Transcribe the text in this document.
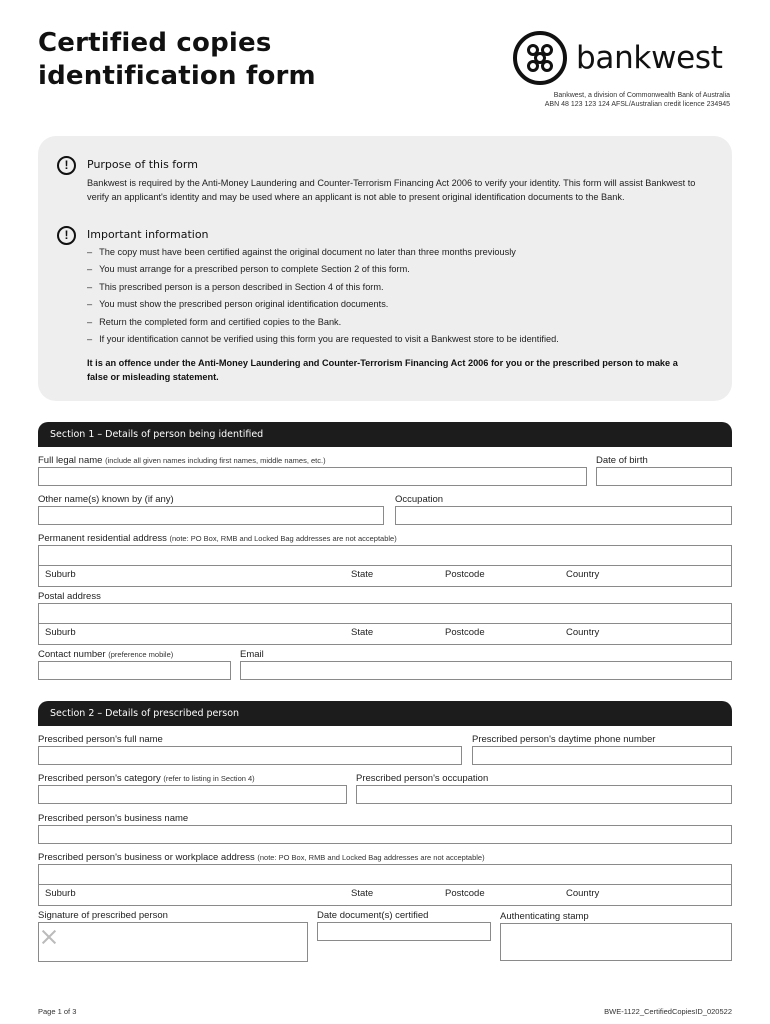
Certified copies
identification form	bankwest
Bankwest, a division of Commonwealth Bank of Australia
ABN 48 123 123 124 AFSL/Australian credit licence 234945
!	Purpose of this form
Bankwest is required by the Anti-Money Laundering and Counter-Terrorism Financing Act 2006 to verify your identity. This form will assist Bankwest to verify an applicant's identity and may be used where an applicant is not able to present original identification documents to the Bank.
!	Important information
– The copy must have been certified against the original document no later than three months previously
– You must arrange for a prescribed person to complete Section 2 of this form.
– This prescribed person is a person described in Section 4 of this form.
– You must show the prescribed person original identification documents.
– Return the completed form and certified copies to the Bank.
– If your identification cannot be verified using this form you are requested to visit a Bankwest store to be identified.
It is an offence under the Anti-Money Laundering and Counter-Terrorism Financing Act 2006 for you or the prescribed person to make a false or misleading statement.
Section 1 – Details of person being identified
Full legal name (include all given names including first names, middle names, etc.)	Date of birth
Other name(s) known by (if any)	Occupation
Permanent residential address (note: PO Box, RMB and Locked Bag addresses are not acceptable)
Suburb	State	Postcode	Country
Postal address
Suburb	State	Postcode	Country
Contact number (preference mobile)	Email
Section 2 – Details of prescribed person
Prescribed person's full name	Prescribed person's daytime phone number
Prescribed person's category (refer to listing in Section 4)	Prescribed person's occupation
Prescribed person's business name
Prescribed person's business or workplace address (note: PO Box, RMB and Locked Bag addresses are not acceptable)
Suburb	State	Postcode	Country
Signature of prescribed person	Date document(s) certified	Authenticating stamp
Page 1 of 3	BWE-1122_CertifiedCopiesID_020522
